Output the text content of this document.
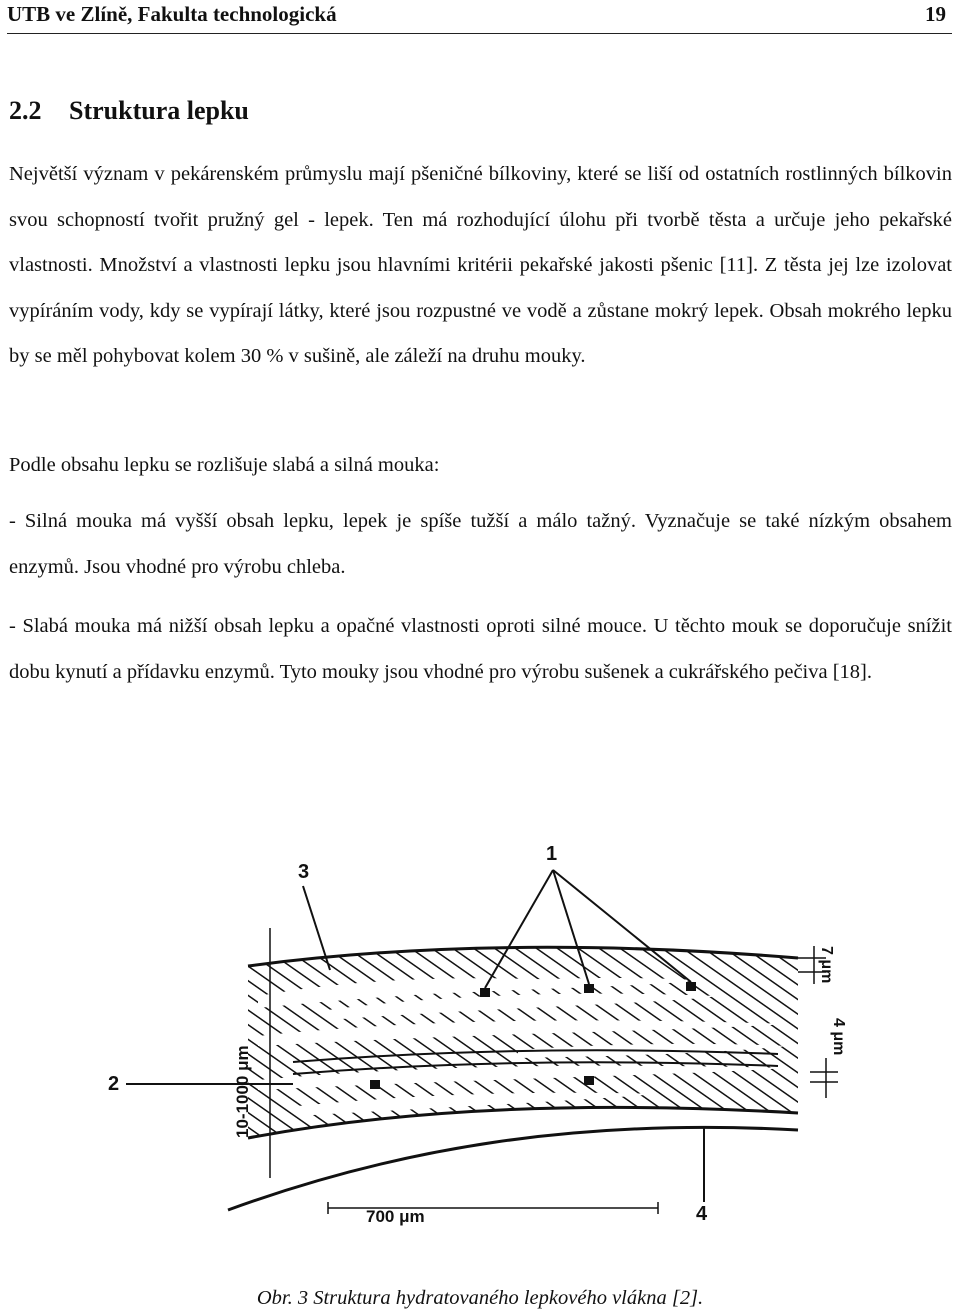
UTB ve Zlíně, Fakulta technologická	19
2.2 Struktura lepku

Největší význam v pekárenském průmyslu mají pšeničné bílkoviny, které se liší od ostatních rostlinných bílkovin svou schopností tvořit pružný gel - lepek. Ten má rozhodující úlohu při tvorbě těsta a určuje jeho pekařské vlastnosti. Množství a vlastnosti lepku jsou hlavními kritérii pekařské jakosti pšenic [11]. Z těsta jej lze izolovat vypíráním vody, kdy se vypírají látky, které jsou rozpustné ve vodě a zůstane mokrý lepek. Obsah mokrého lepku by se měl pohybovat kolem 30 % v sušině, ale záleží na druhu mouky.

Podle obsahu lepku se rozlišuje slabá a silná mouka:

- Silná mouka má vyšší obsah lepku, lepek je spíše tužší a málo tažný. Vyznačuje se také nízkým obsahem enzymů. Jsou vhodné pro výrobu chleba.

- Slabá mouka má nižší obsah lepku a opačné vlastnosti oproti silné mouce. U těchto mouk se doporučuje snížit dobu kynutí a přídavku enzymů. Tyto mouky jsou vhodné pro výrobu sušenek a cukrářského pečiva [18].

1
3
2
4
10-1000 μm
700 μm
7 μm
4 μm
Obr. 3 Struktura hydratovaného lepkového vlákna [2].
